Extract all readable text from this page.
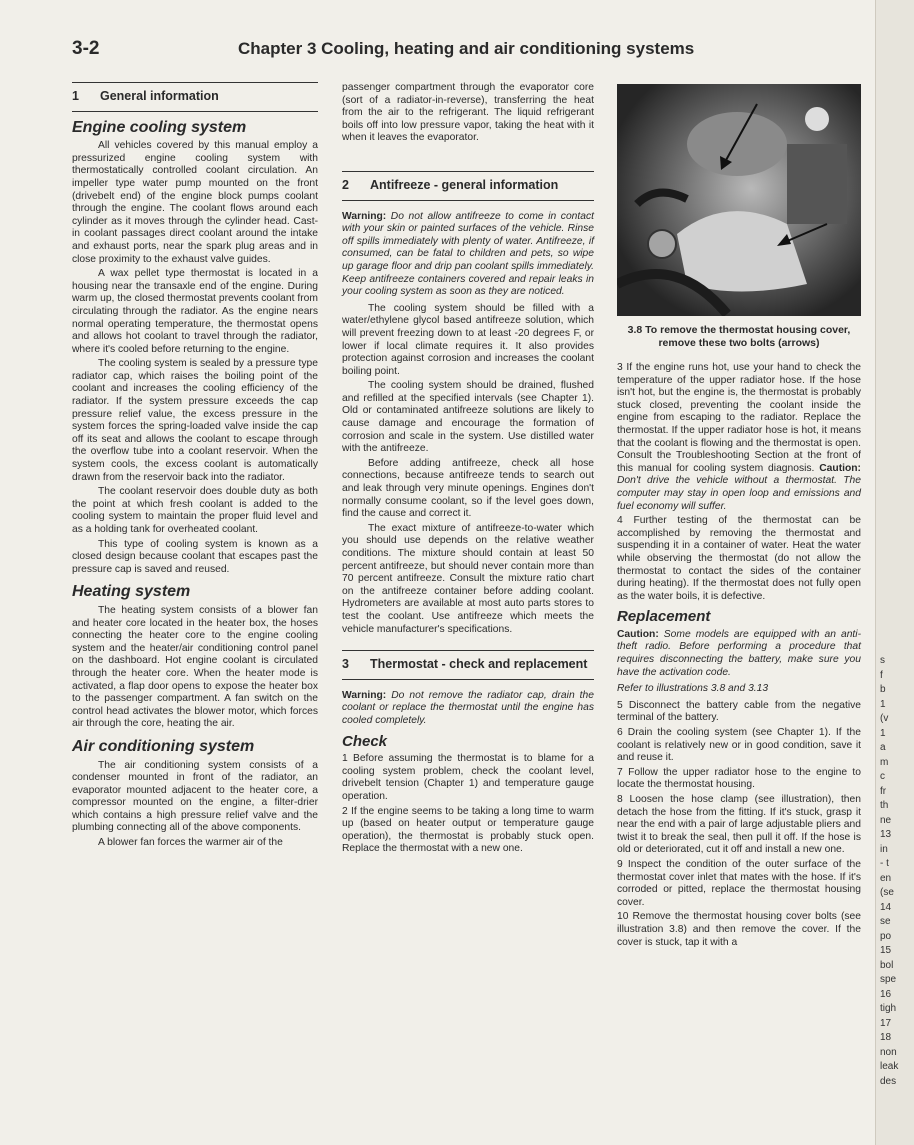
3-2	Chapter 3 Cooling, heating and air conditioning systems
1	General information
Engine cooling system

All vehicles covered by this manual employ a pressurized engine cooling system with thermostatically controlled coolant circulation. An impeller type water pump mounted on the front (drivebelt end) of the engine block pumps coolant through the engine. The coolant flows around each cylinder as it moves through the cylinder head. Cast-in coolant passages direct coolant around the intake and exhaust ports, near the spark plug areas and in close proximity to the exhaust valve guides.

A wax pellet type thermostat is located in a housing near the transaxle end of the engine. During warm up, the closed thermostat prevents coolant from circulating through the radiator. As the engine nears normal operating temperature, the thermostat opens and allows hot coolant to travel through the radiator, where it's cooled before returning to the engine.

The cooling system is sealed by a pressure type radiator cap, which raises the boiling point of the coolant and increases the cooling efficiency of the radiator. If the system pressure exceeds the cap pressure relief value, the excess pressure in the system forces the spring-loaded valve inside the cap off its seat and allows the coolant to escape through the overflow tube into a coolant reservoir. When the system cools, the excess coolant is automatically drawn from the reservoir back into the radiator.

The coolant reservoir does double duty as both the point at which fresh coolant is added to the cooling system to maintain the proper fluid level and as a holding tank for overheated coolant.

This type of cooling system is known as a closed design because coolant that escapes past the pressure cap is saved and reused.

Heating system

The heating system consists of a blower fan and heater core located in the heater box, the hoses connecting the heater core to the engine cooling system and the heater/air conditioning control panel on the dashboard. Hot engine coolant is circulated through the heater core. When the heater mode is activated, a flap door opens to expose the heater box to the passenger compartment. A fan switch on the control head activates the blower motor, which forces air through the core, heating the air.

Air conditioning system

The air conditioning system consists of a condenser mounted in front of the radiator, an evaporator mounted adjacent to the heater core, a compressor mounted on the engine, a filter-drier which contains a high pressure relief valve and the plumbing connecting all of the above components.

A blower fan forces the warmer air of the

passenger compartment through the evaporator core (sort of a radiator-in-reverse), transferring the heat from the air to the refrigerant. The liquid refrigerant boils off into low pressure vapor, taking the heat with it when it leaves the evaporator.

2	Antifreeze - general information
Warning: Do not allow antifreeze to come in contact with your skin or painted surfaces of the vehicle. Rinse off spills immediately with plenty of water. Antifreeze, if consumed, can be fatal to children and pets, so wipe up garage floor and drip pan coolant spills immediately. Keep antifreeze containers covered and repair leaks in your cooling system as soon as they are noticed.

The cooling system should be filled with a water/ethylene glycol based antifreeze solution, which will prevent freezing down to at least -20 degrees F, or lower if local climate requires it. It also provides protection against corrosion and increases the coolant boiling point.

The cooling system should be drained, flushed and refilled at the specified intervals (see Chapter 1). Old or contaminated antifreeze solutions are likely to cause damage and encourage the formation of corrosion and scale in the system. Use distilled water with the antifreeze.

Before adding antifreeze, check all hose connections, because antifreeze tends to search out and leak through very minute openings. Engines don't normally consume coolant, so if the level goes down, find the cause and correct it.

The exact mixture of antifreeze-to-water which you should use depends on the relative weather conditions. The mixture should contain at least 50 percent antifreeze, but should never contain more than 70 percent antifreeze. Consult the mixture ratio chart on the antifreeze container before adding coolant. Hydrometers are available at most auto parts stores to test the coolant. Use antifreeze which meets the vehicle manufacturer's specifications.

3	Thermostat - check and replacement
Warning: Do not remove the radiator cap, drain the coolant or replace the thermostat until the engine has cooled completely.
Check

1 Before assuming the thermostat is to blame for a cooling system problem, check the coolant level, drivebelt tension (Chapter 1) and temperature gauge operation.

2 If the engine seems to be taking a long time to warm up (based on heater output or temperature gauge operation), the thermostat is probably stuck open. Replace the thermostat with a new one.

3.8 To remove the thermostat housing cover, remove these two bolts (arrows)

3 If the engine runs hot, use your hand to check the temperature of the upper radiator hose. If the hose isn't hot, but the engine is, the thermostat is probably stuck closed, preventing the coolant inside the engine from escaping to the radiator. Replace the thermostat. If the upper radiator hose is hot, it means that the coolant is flowing and the thermostat is open. Consult the Troubleshooting Section at the front of this manual for cooling system diagnosis. Caution: Don't drive the vehicle without a thermostat. The computer may stay in open loop and emissions and fuel economy will suffer.

4 Further testing of the thermostat can be accomplished by removing the thermostat and suspending it in a container of water. Heat the water while observing the thermostat (do not allow the thermostat to contact the sides of the container during heating). If the thermostat does not fully open as the water boils, it is defective.

Replacement
Caution: Some models are equipped with an anti-theft radio. Before performing a procedure that requires disconnecting the battery, make sure you have the activation code.

Refer to illustrations 3.8 and 3.13

5 Disconnect the battery cable from the negative terminal of the battery.

6 Drain the cooling system (see Chapter 1). If the coolant is relatively new or in good condition, save it and reuse it.

7 Follow the upper radiator hose to the engine to locate the thermostat housing.

8 Loosen the hose clamp (see illustration), then detach the hose from the fitting. If it's stuck, grasp it near the end with a pair of large adjustable pliers and twist it to break the seal, then pull it off. If the hose is old or deteriorated, cut it off and install a new one.

9 Inspect the condition of the outer surface of the thermostat cover inlet that mates with the hose. If it's corroded or pitted, replace the thermostat housing cover.

10 Remove the thermostat housing cover bolts (see illustration 3.8) and then remove the cover. If the cover is stuck, tap it with a

s
f
b
1
(v
1
a
m
c
fr
th
ne
13
in
- t
en
(se
14
se
po
15
bol
spe
16
tigh
17
18
non
leak
des
